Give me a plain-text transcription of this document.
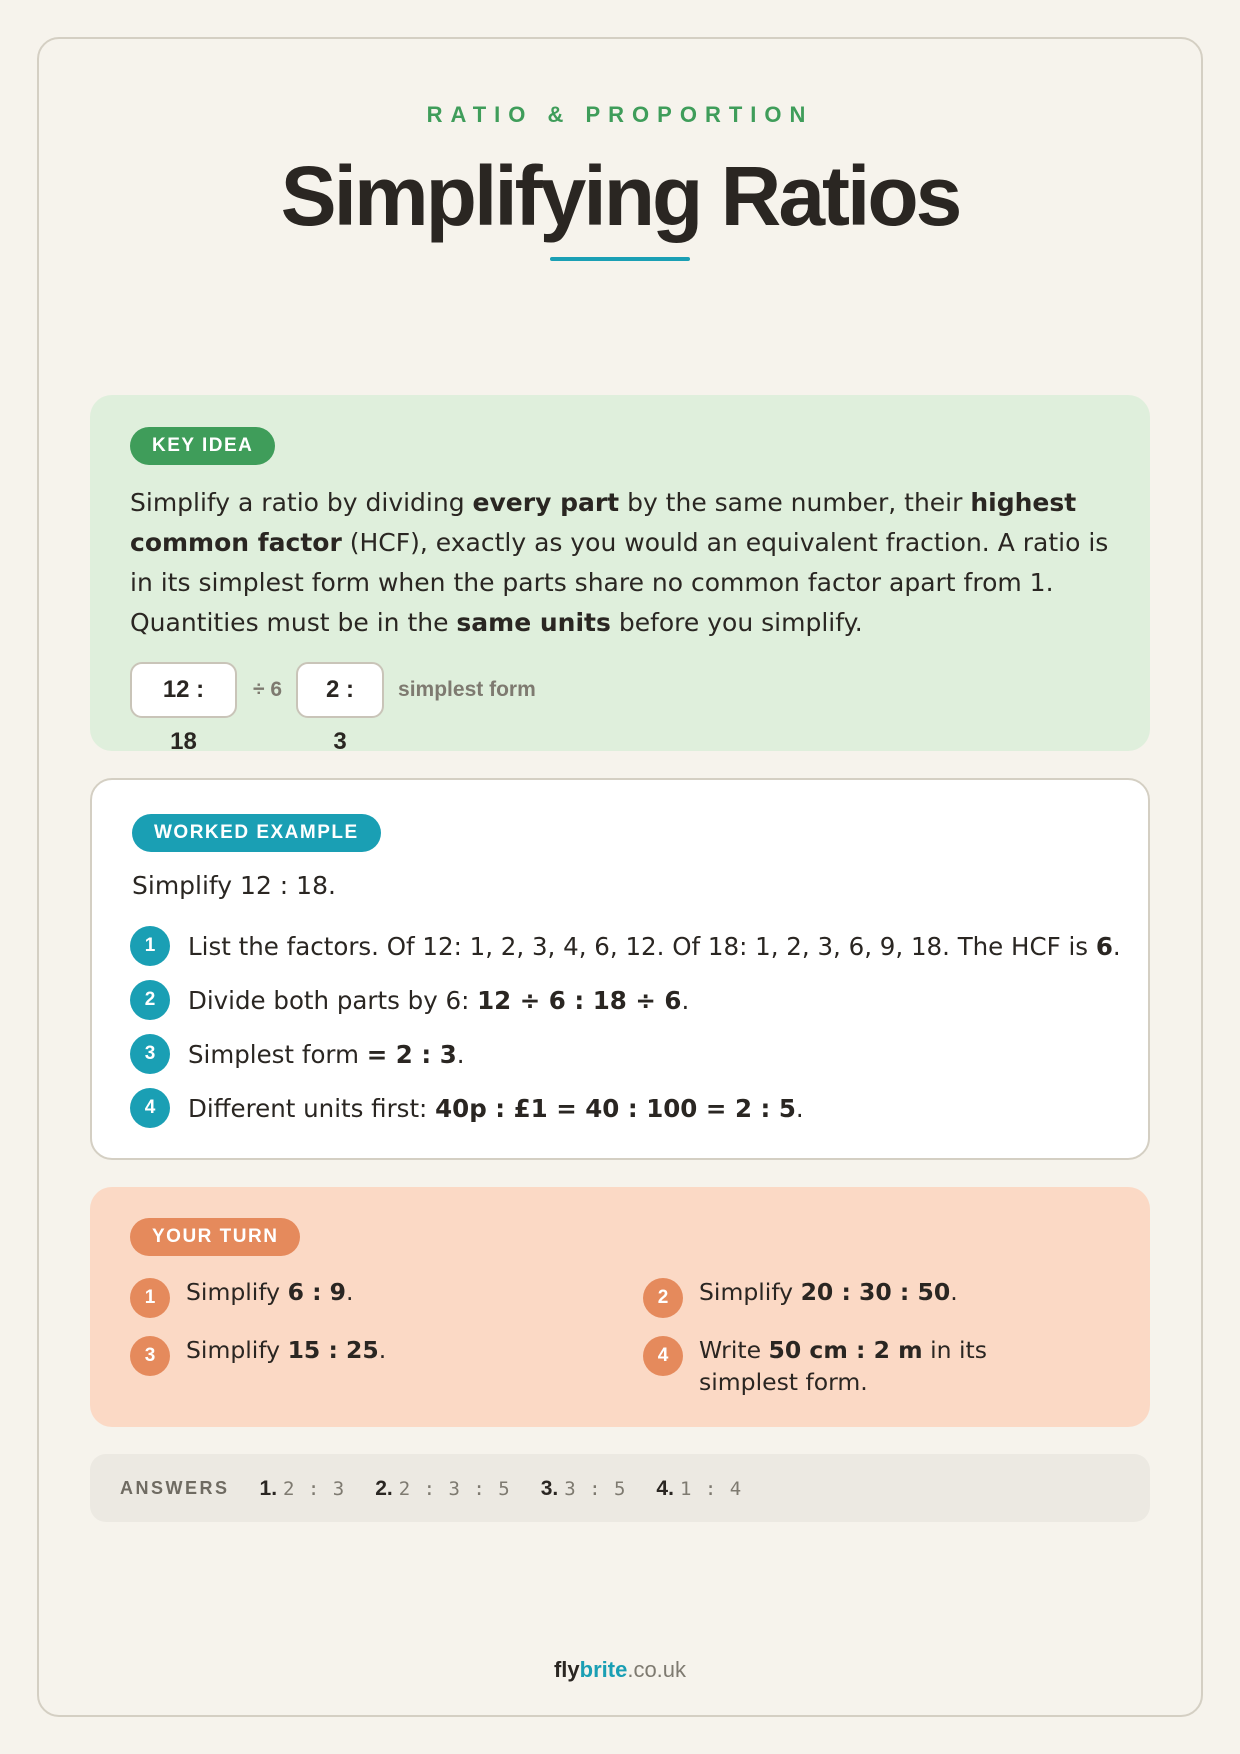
RATIO & PROPORTION
Simplifying Ratios
KEY IDEA
Simplify a ratio by dividing every part by the same number, their highest common factor (HCF), exactly as you would an equivalent fraction. A ratio is in its simplest form when the parts share no common factor apart from 1. Quantities must be in the same units before you simplify.
12 : 18
÷ 6	2 : 3
simplest form
WORKED EXAMPLE
Simplify 12 : 18.
1	List the factors. Of 12: 1, 2, 3, 4, 6, 12. Of 18: 1, 2, 3, 6, 9, 18. The HCF is 6.
2	Divide both parts by 6: 12 ÷ 6 : 18 ÷ 6.
3	Simplest form = 2 : 3.
4	Different units first: 40p : £1 = 40 : 100 = 2 : 5.
YOUR TURN
1	Simplify 6 : 9.	2	Simplify 20 : 30 : 50.
3	Simplify 15 : 25.	4	Write 50 cm : 2 m in its simplest form.
ANSWERS 1. 2 : 3 2. 2 : 3 : 5 3. 3 : 5 4. 1 : 4
flybrite.co.uk
